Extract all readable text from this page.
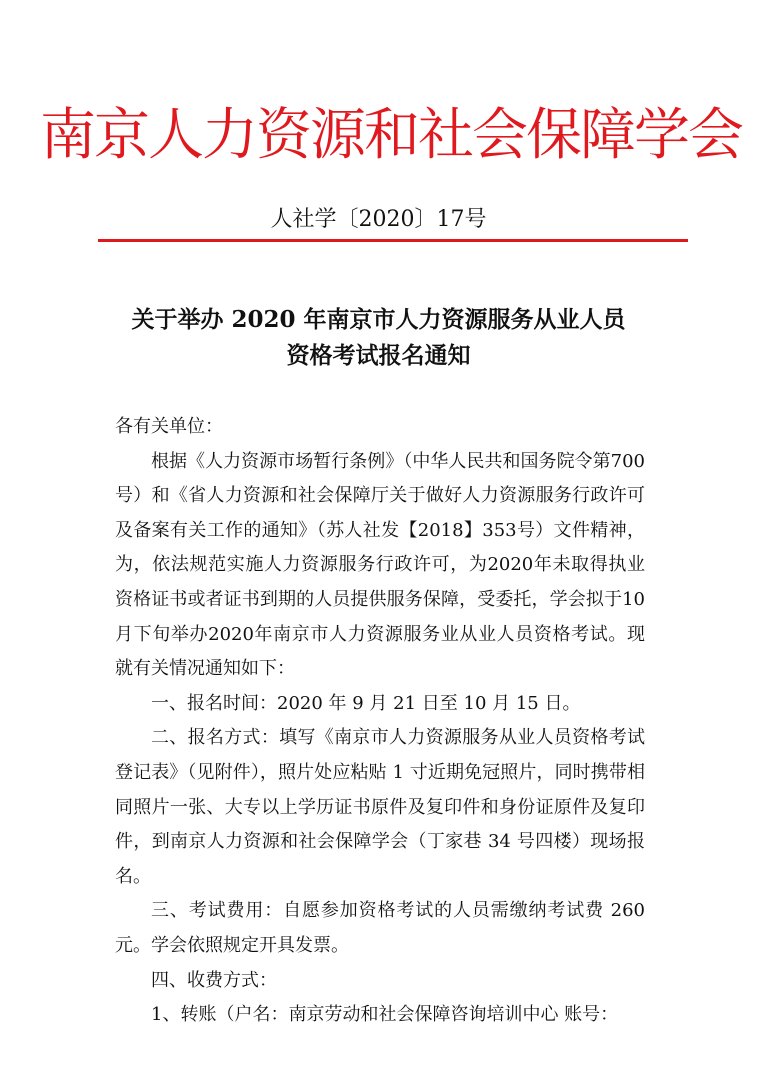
南京人力资源和社会保障学会
人社学〔2020〕17号
关于举办 2020 年南京市人力资源服务从业人员
资格考试报名通知

各有关单位：

根据《人力资源市场暂行条例》（中华人民共和国务院令第700号）和《省人力资源和社会保障厅关于做好人力资源服务行政许可及备案有关工作的通知》（苏人社发【2018】353号）文件精神，为，依法规范实施人力资源服务行政许可，为2020年未取得执业资格证书或者证书到期的人员提供服务保障，受委托，学会拟于10月下旬举办2020年南京市人力资源服务业从业人员资格考试。现就有关情况通知如下：

一、报名时间：2020 年 9 月 21 日至 10 月 15 日。

二、报名方式：填写《南京市人力资源服务从业人员资格考试登记表》（见附件），照片处应粘贴 1 寸近期免冠照片，同时携带相同照片一张、大专以上学历证书原件及复印件和身份证原件及复印件，到南京人力资源和社会保障学会（丁家巷 34 号四楼）现场报名。

三、考试费用：自愿参加资格考试的人员需缴纳考试费 260 元。学会依照规定开具发票。

四、收费方式：

1、转账（户名：南京劳动和社会保障咨询培训中心 账号：
